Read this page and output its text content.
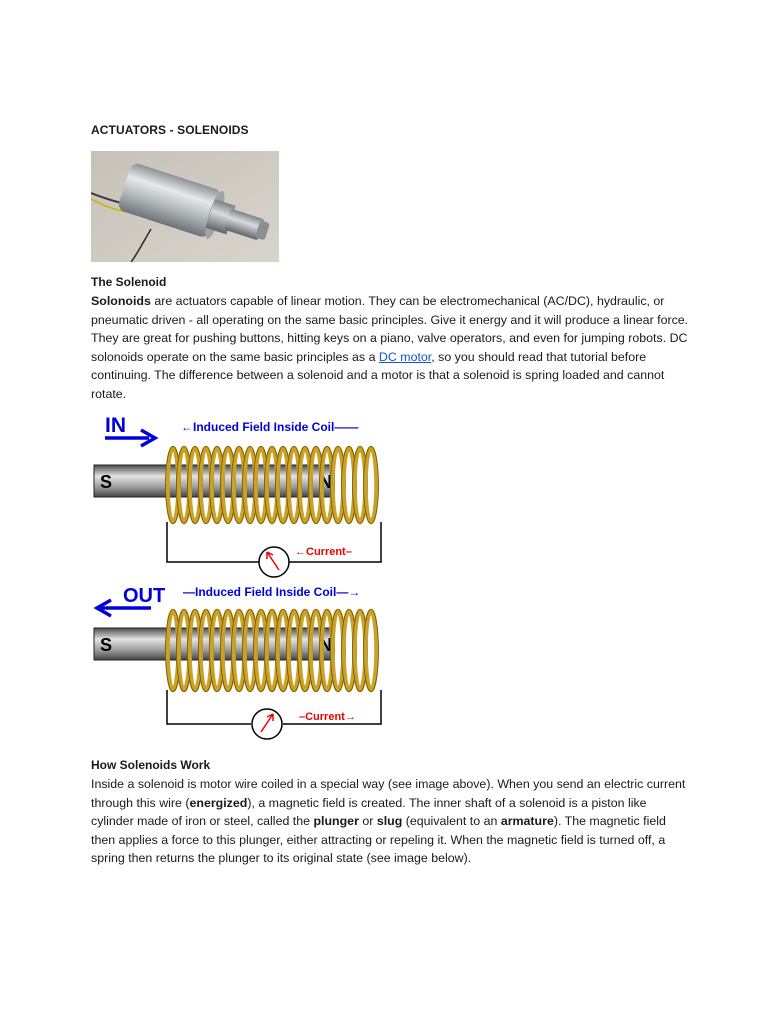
ACTUATORS - SOLENOIDS
The Solenoid
Solonoids are actuators capable of linear motion. They can be electromechanical (AC/DC), hydraulic, or pneumatic driven - all operating on the same basic principles. Give it energy and it will produce a linear force. They are great for pushing buttons, hitting keys on a piano, valve operators, and even for jumping robots. DC solonoids operate on the same basic principles as a DC motor, so you should read that tutorial before continuing. The difference between a solenoid and a motor is that a solenoid is spring loaded and cannot rotate.
IN	←Induced Field Inside Coil——
S	N
←Current–
OUT —Induced Field Inside Coil—→
S	N
–Current→
How Solenoids Work
Inside a solenoid is motor wire coiled in a special way (see image above). When you send an electric current through this wire (energized), a magnetic field is created. The inner shaft of a solenoid is a piston like cylinder made of iron or steel, called the plunger or slug (equivalent to an armature). The magnetic field then applies a force to this plunger, either attracting or repeling it. When the magnetic field is turned off, a spring then returns the plunger to its original state (see image below).
